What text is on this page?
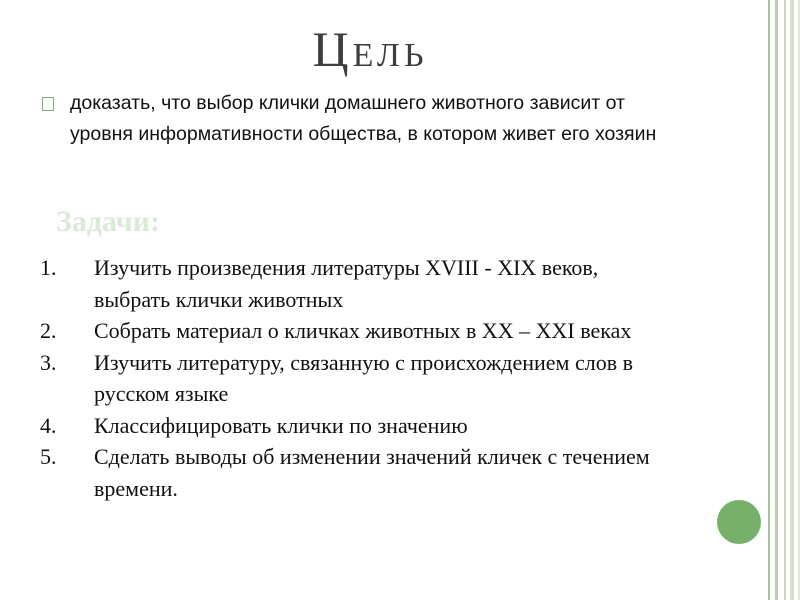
Цель
доказать, что выбор клички домашнего животного зависит от уровня информативности общества, в котором живет его хозяин
Задачи:
1. Изучить произведения литературы XVIII - XIX веков, выбрать клички животных
2. Собрать материал о кличках животных в XX – XXI веках
3. Изучить литературу, связанную с происхождением слов в русском языке
4. Классифицировать клички по значению
5. Сделать выводы об изменении значений кличек с течением времени.
